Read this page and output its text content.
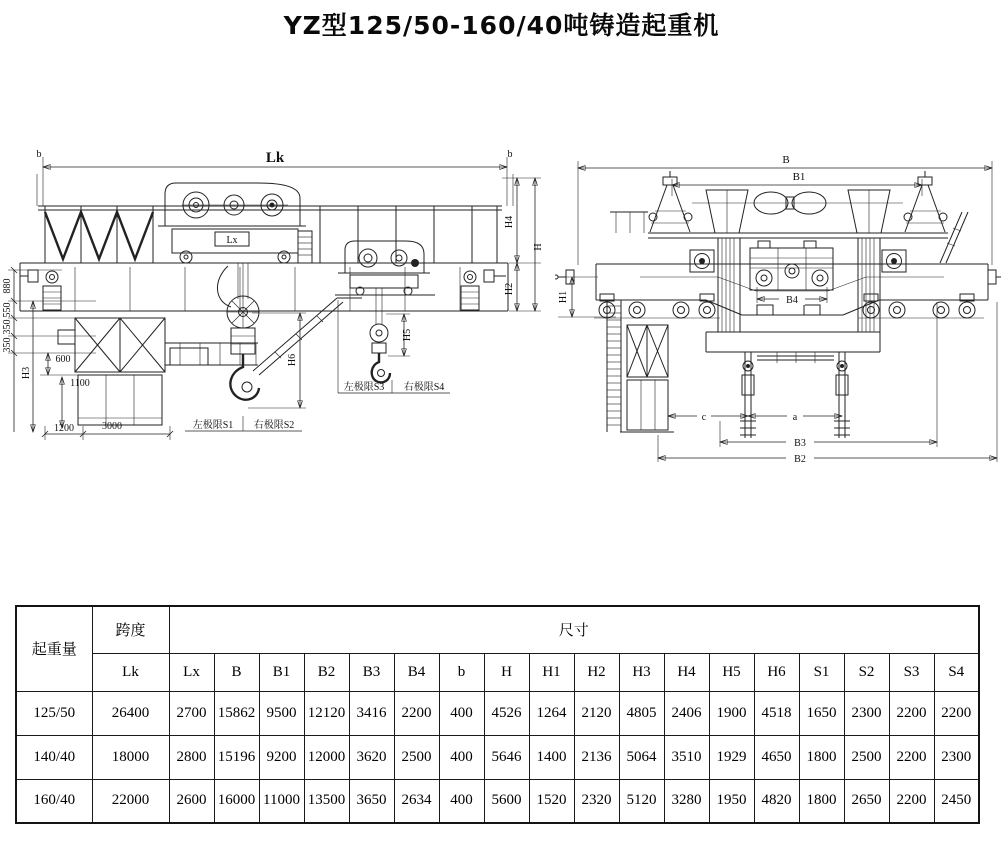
YZ型125/50-160/40吨铸造起重机
Lk
b	b
Lx
880
550
350
350
600
H3
1100
1200	3000
H6
左极限S1 右极限S2
H5
左极限S3 右极限S4
H4
H2
H
B
B1
H1	B4
c	a
B3
B2
起重量	跨度	尺寸																	
	Lk	Lx	B	B1	B2	B3	B4	b	H	H1	H2	H3	H4	H5	H6	S1	S2	S3	S4
125/50	26400	2700	15862	9500	12120	3416	2200	400	4526	1264	2120	4805	2406	1900	4518	1650	2300	2200	2200
140/40	18000	2800	15196	9200	12000	3620	2500	400	5646	1400	2136	5064	3510	1929	4650	1800	2500	2200	2300
160/40	22000	2600	16000	11000	13500	3650	2634	400	5600	1520	2320	5120	3280	1950	4820	1800	2650	2200	2450
